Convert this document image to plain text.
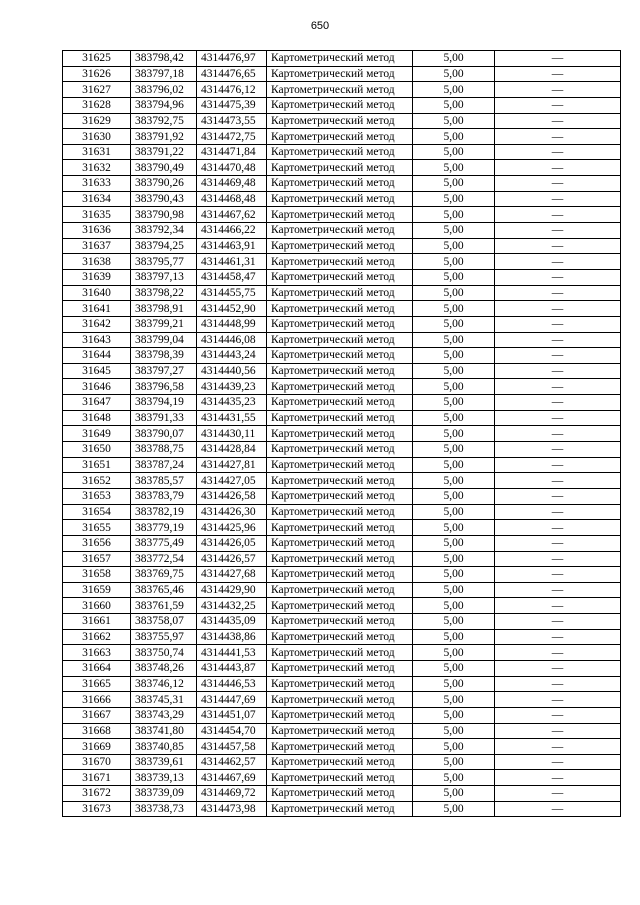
650
31625	383798,42	4314476,97	Картометрический метод	5,00	—
31626	383797,18	4314476,65	Картометрический метод	5,00	—
31627	383796,02	4314476,12	Картометрический метод	5,00	—
31628	383794,96	4314475,39	Картометрический метод	5,00	—
31629	383792,75	4314473,55	Картометрический метод	5,00	—
31630	383791,92	4314472,75	Картометрический метод	5,00	—
31631	383791,22	4314471,84	Картометрический метод	5,00	—
31632	383790,49	4314470,48	Картометрический метод	5,00	—
31633	383790,26	4314469,48	Картометрический метод	5,00	—
31634	383790,43	4314468,48	Картометрический метод	5,00	—
31635	383790,98	4314467,62	Картометрический метод	5,00	—
31636	383792,34	4314466,22	Картометрический метод	5,00	—
31637	383794,25	4314463,91	Картометрический метод	5,00	—
31638	383795,77	4314461,31	Картометрический метод	5,00	—
31639	383797,13	4314458,47	Картометрический метод	5,00	—
31640	383798,22	4314455,75	Картометрический метод	5,00	—
31641	383798,91	4314452,90	Картометрический метод	5,00	—
31642	383799,21	4314448,99	Картометрический метод	5,00	—
31643	383799,04	4314446,08	Картометрический метод	5,00	—
31644	383798,39	4314443,24	Картометрический метод	5,00	—
31645	383797,27	4314440,56	Картометрический метод	5,00	—
31646	383796,58	4314439,23	Картометрический метод	5,00	—
31647	383794,19	4314435,23	Картометрический метод	5,00	—
31648	383791,33	4314431,55	Картометрический метод	5,00	—
31649	383790,07	4314430,11	Картометрический метод	5,00	—
31650	383788,75	4314428,84	Картометрический метод	5,00	—
31651	383787,24	4314427,81	Картометрический метод	5,00	—
31652	383785,57	4314427,05	Картометрический метод	5,00	—
31653	383783,79	4314426,58	Картометрический метод	5,00	—
31654	383782,19	4314426,30	Картометрический метод	5,00	—
31655	383779,19	4314425,96	Картометрический метод	5,00	—
31656	383775,49	4314426,05	Картометрический метод	5,00	—
31657	383772,54	4314426,57	Картометрический метод	5,00	—
31658	383769,75	4314427,68	Картометрический метод	5,00	—
31659	383765,46	4314429,90	Картометрический метод	5,00	—
31660	383761,59	4314432,25	Картометрический метод	5,00	—
31661	383758,07	4314435,09	Картометрический метод	5,00	—
31662	383755,97	4314438,86	Картометрический метод	5,00	—
31663	383750,74	4314441,53	Картометрический метод	5,00	—
31664	383748,26	4314443,87	Картометрический метод	5,00	—
31665	383746,12	4314446,53	Картометрический метод	5,00	—
31666	383745,31	4314447,69	Картометрический метод	5,00	—
31667	383743,29	4314451,07	Картометрический метод	5,00	—
31668	383741,80	4314454,70	Картометрический метод	5,00	—
31669	383740,85	4314457,58	Картометрический метод	5,00	—
31670	383739,61	4314462,57	Картометрический метод	5,00	—
31671	383739,13	4314467,69	Картометрический метод	5,00	—
31672	383739,09	4314469,72	Картометрический метод	5,00	—
31673	383738,73	4314473,98	Картометрический метод	5,00	—
